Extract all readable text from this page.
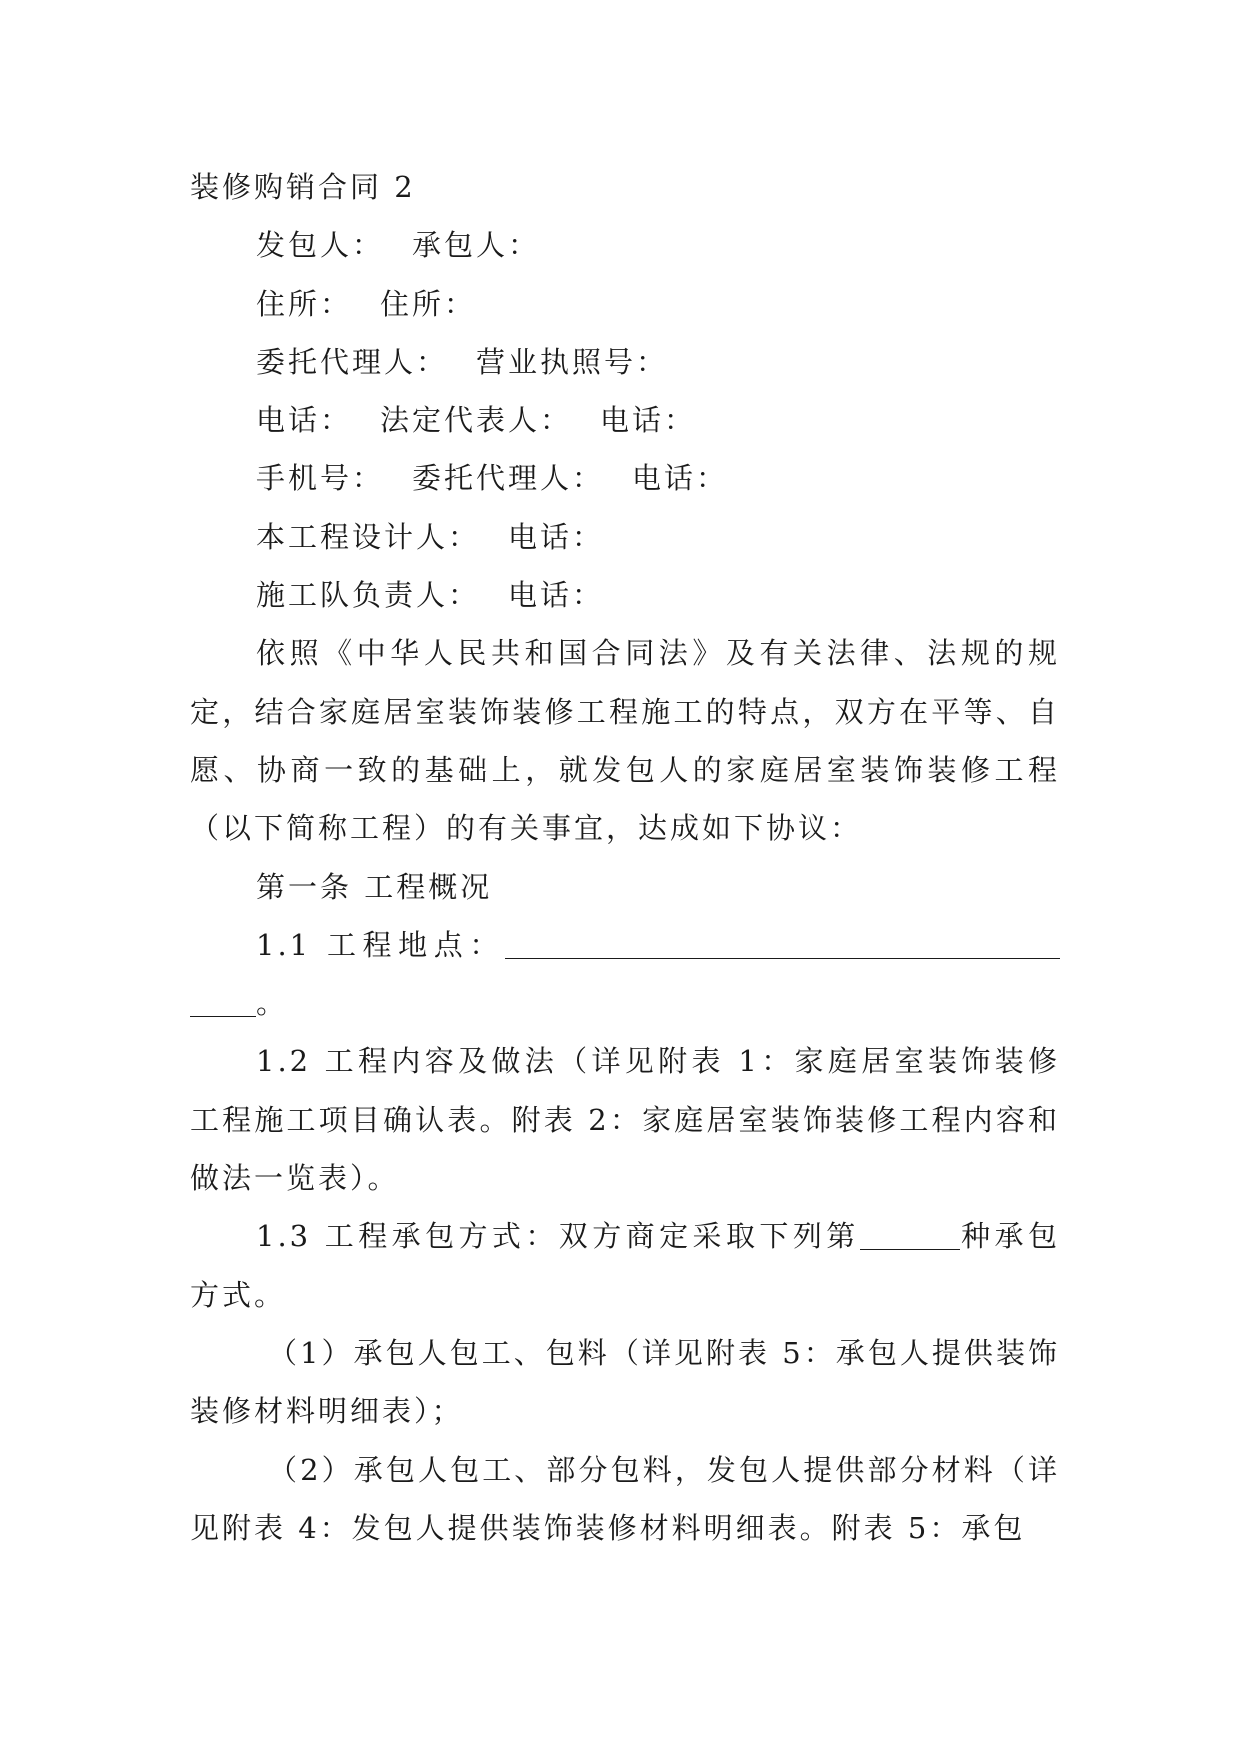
装修购销合同 2

发包人： 承包人：

住所： 住所：

委托代理人： 营业执照号：

电话： 法定代表人： 电话：

手机号： 委托代理人： 电话：

本工程设计人： 电话：

施工队负责人： 电话：

依照《中华人民共和国合同法》及有关法律、法规的规定，结合家庭居室装饰装修工程施工的特点，双方在平等、自愿、协商一致的基础上，就发包人的家庭居室装饰装修工程（以下简称工程）的有关事宜，达成如下协议：

第一条 工程概况

1.1 工程地点：。

1.2 工程内容及做法（详见附表 1：家庭居室装饰装修工程施工项目确认表。附表 2：家庭居室装饰装修工程内容和做法一览表）。

1.3 工程承包方式：双方商定采取下列第	种承包方式。

（1）承包人包工、包料（详见附表 5：承包人提供装饰装修材料明细表）；

（2）承包人包工、部分包料，发包人提供部分材料（详见附表 4：发包人提供装饰装修材料明细表。附表 5：承包
